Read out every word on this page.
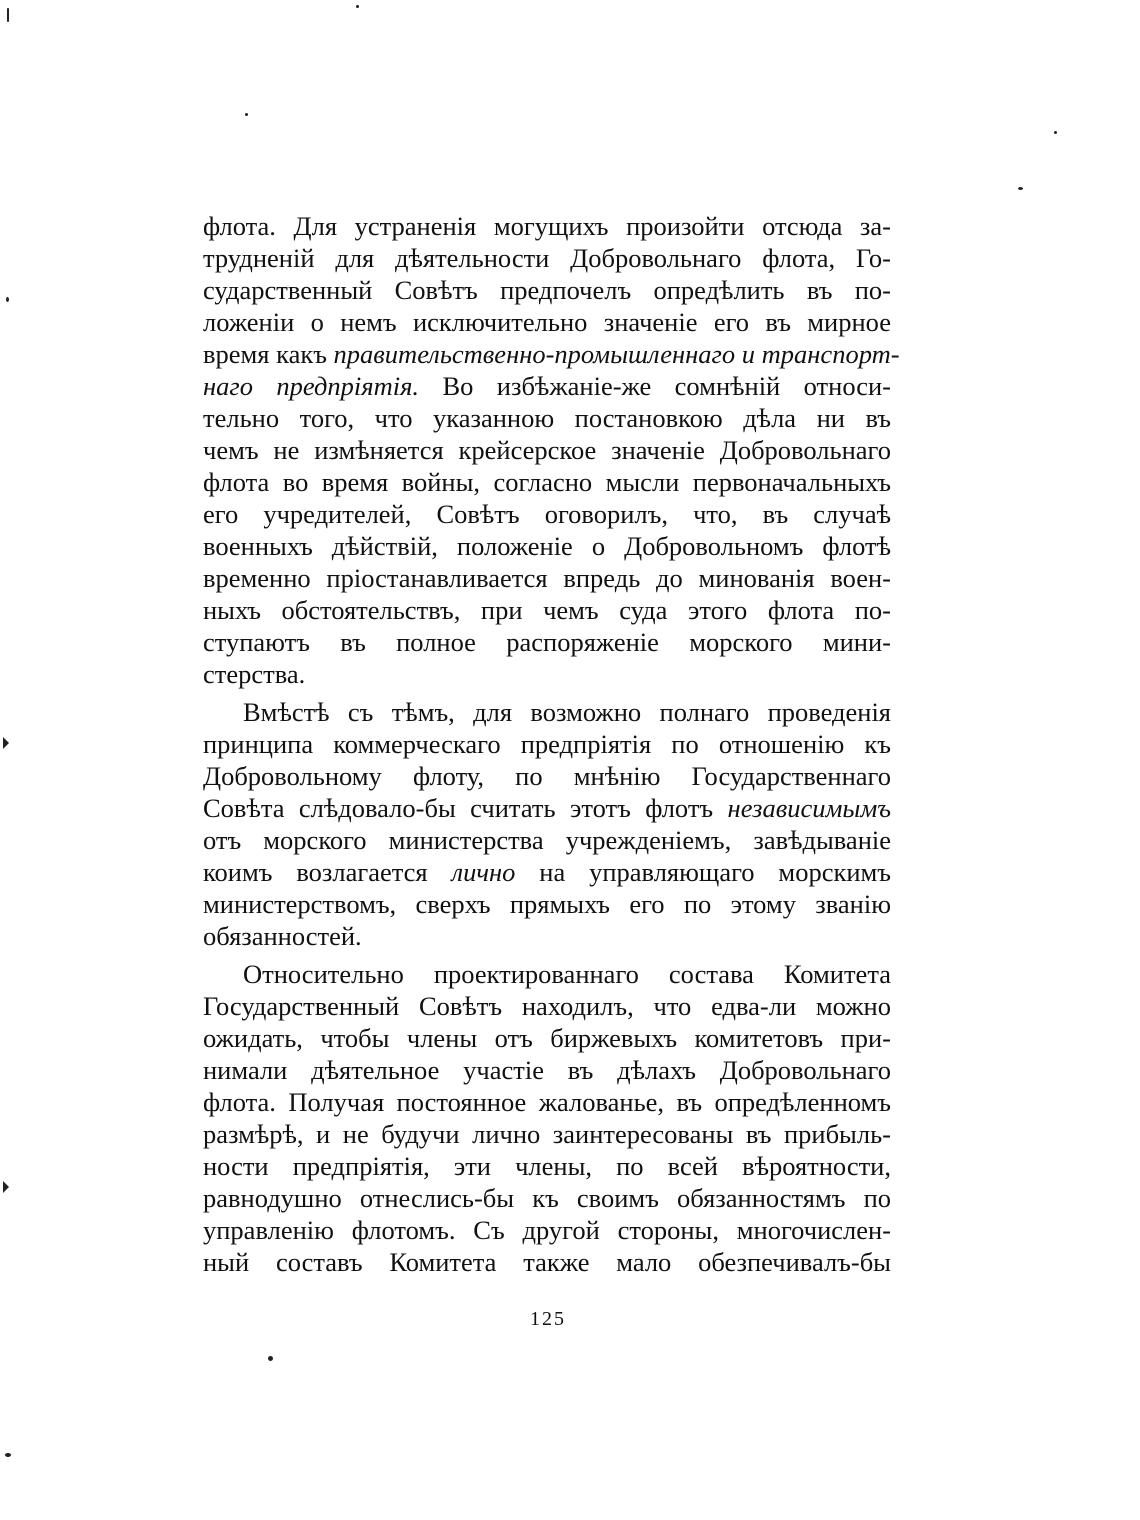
флота. Для устраненія могущихъ произойти отсюда за-
трудненій для дѣятельности Добровольнаго флота, Го-
сударственный Совѣтъ предпочелъ опредѣлить въ по-
ложеніи о немъ исключительно значеніе его въ мирное
время какъ правительственно-промышленнаго и транспорт-
наго предпріятія. Во избѣжаніе-же сомнѣній относи-
тельно того, что указанною постановкою дѣла ни въ
чемъ не измѣняется крейсерское значеніе Добровольнаго
флота во время войны, согласно мысли первоначальныхъ
его учредителей, Совѣтъ оговорилъ, что, въ случаѣ
военныхъ дѣйствій, положеніе о Добровольномъ флотѣ
временно пріостанавливается впредь до минованія воен-
ныхъ обстоятельствъ, при чемъ суда этого флота по-
ступаютъ въ полное распоряженіе морского мини-
стерства.
Вмѣстѣ съ тѣмъ, для возможно полнаго проведенія
принципа коммерческаго предпріятія по отношенію къ
Добровольному флоту, по мнѣнію Государственнаго
Совѣта слѣдовало-бы считать этотъ флотъ независимымъ
отъ морского министерства учрежденіемъ, завѣдываніе
коимъ возлагается лично на управляющаго морскимъ
министерствомъ, сверхъ прямыхъ его по этому званію
обязанностей.
Относительно проектированнаго состава Комитета
Государственный Совѣтъ находилъ, что едва-ли можно
ожидать, чтобы члены отъ биржевыхъ комитетовъ при-
нимали дѣятельное участіе въ дѣлахъ Добровольнаго
флота. Получая постоянное жалованье, въ опредѣленномъ
размѣрѣ, и не будучи лично заинтересованы въ прибыль-
ности предпріятія, эти члены, по всей вѣроятности,
равнодушно отнеслись-бы къ своимъ обязанностямъ по
управленію флотомъ. Съ другой стороны, многочислен-
ный составъ Комитета также мало обезпечивалъ-бы
125
